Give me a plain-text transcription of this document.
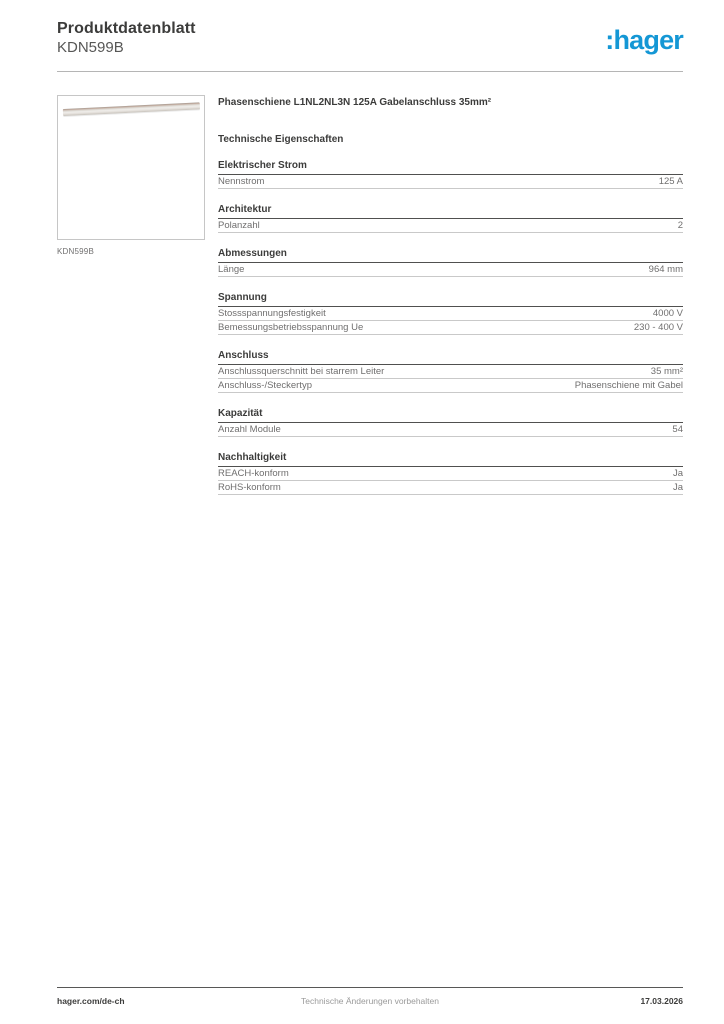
Produktdatenblatt
KDN599B	:hager
KDN599B
Phasenschiene L1NL2NL3N 125A Gabelanschluss 35mm²
Technische Eigenschaften
Elektrischer Strom
Nennstrom	125 A
Architektur
Polanzahl	2
Abmessungen
Länge	964 mm
Spannung
Stossspannungsfestigkeit	4000 V
Bemessungsbetriebsspannung Ue	230 - 400 V
Anschluss
Anschlussquerschnitt bei starrem Leiter	35 mm²
Anschluss-/Steckertyp	Phasenschiene mit Gabel
Kapazität
Anzahl Module	54
Nachhaltigkeit
REACH-konform	Ja
RoHS-konform	Ja
hager.com/de-ch	Technische Änderungen vorbehalten	17.03.2026
